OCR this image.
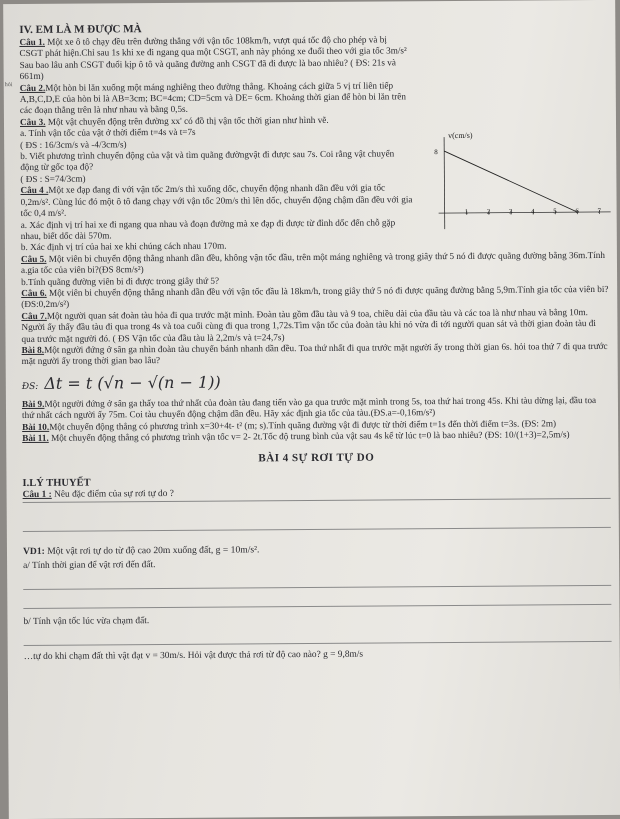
hỏi
IV. EM LÀ M ĐƯỢC MÀ

Câu 1. Một xe ô tô chạy đều trên đường thẳng với vận tốc 108km/h, vượt quá tốc độ cho phép và bị CSGT phát hiện.Chỉ sau 1s khi xe đi ngang qua một CSGT, anh này phóng xe đuổi theo với gia tốc 3m/s² Sau bao lâu anh CSGT đuổi kịp ô tô và quãng đường anh CSGT đã đi được là bao nhiêu? ( ĐS: 21s và 661m)

Câu 2.Một hòn bi lăn xuống một máng nghiêng theo đường thẳng. Khoảng cách giữa 5 vị trí liên tiếp A,B,C,D,E của hòn bi là AB=3cm; BC=4cm; CD=5cm và DE= 6cm. Khoảng thời gian để hòn bi lăn trên các đoạn thẳng trên là như nhau và bằng 0,5s.

Câu 3. Một vật chuyển động trên đường xx' có đồ thị vận tốc thời gian như hình vẽ.

a. Tính vận tốc của vật ở thời điểm t=4s và t=7s

( ĐS : 16/3cm/s và -4/3cm/s)

b. Viết phương trình chuyển động của vật và tìm quãng đườngvật đi được sau 7s. Coi rằng vật chuyển động từ gốc tọa độ?

( ĐS : S=74/3cm)

Câu 4 .Một xe đạp đang đi với vận tốc 2m/s thì xuống dốc, chuyển động nhanh dần đều với gia tốc 0,2m/s². Cùng lúc đó một ô tô đang chạy với vận tốc 20m/s thì lên dốc, chuyển động chậm dần đều với gia tốc 0,4 m/s².

a. Xác định vị trí hai xe đi ngang qua nhau và đoạn đường mà xe đạp đi được từ đỉnh dốc đến chỗ gặp nhau, biết dốc dài 570m.

b. Xác định vị trí của hai xe khi chúng cách nhau 170m.

Câu 5. Một viên bi chuyển động thẳng nhanh dần đều, không vận tốc đầu, trên một máng nghiêng và trong giây thứ 5 nó đi được quãng đường bằng 36m.Tính

a.gia tốc của viên bi?(ĐS 8cm/s²)

b.Tính quãng đường viên bi đi được trong giây thứ 5?

Câu 6. Một viên bi chuyển động thẳng nhanh dần đều với vận tốc đầu là 18km/h, trong giây thứ 5 nó đi được quãng đường bằng 5,9m.Tính gia tốc của viên bi? (ĐS:0,2m/s²)

Câu 7.Một người quan sát đoàn tàu hỏa đi qua trước mặt mình. Đoàn tàu gồm đầu tàu và 9 toa, chiều dài của đầu tàu và các toa là như nhau và bằng 10m. Người ấy thấy đầu tàu đi qua trong 4s và toa cuối cùng đi qua trong 1,72s.Tìm vận tốc của đoàn tàu khi nó vừa đi tới người quan sát và thời gian đoàn tàu đi qua trước mặt người đó. ( ĐS Vận tốc của đầu tàu là 2,2m/s và t=24,7s)

Bài 8.Một người đứng ở sân ga nhìn đoàn tàu chuyển bánh nhanh dần đều. Toa thứ nhất đi qua trước mặt người ấy trong thời gian 6s. hỏi toa thứ 7 đi qua trước mặt người ấy trong thời gian bao lâu?

ĐS: Δt = t (√n − √(n − 1))

Bài 9.Một người đứng ở sân ga thấy toa thứ nhất của đoàn tàu đang tiến vào ga qua trước mặt mình trong 5s, toa thứ hai trong 45s. Khi tàu dừng lại, đầu toa thứ nhất cách người ấy 75m. Coi tàu chuyển động chậm dần đều. Hãy xác định gia tốc của tàu.(ĐS.a=-0,16m/s²)

Bài 10.Một chuyển động thẳng có phương trình x=30+4t- t² (m; s).Tính quãng đường vật đi được từ thời điểm t=1s đến thời điểm t=3s. (ĐS: 2m)

Bài 11. Một chuyển động thẳng có phương trình vận tốc v= 2- 2t.Tốc độ trung bình của vật sau 4s kể từ lúc t=0 là bao nhiêu? (ĐS: 10/(1+3)=2,5m/s)

BÀI 4 SỰ RƠI TỰ DO
I.LÝ THUYẾT
Câu 1 : Nêu đặc điểm của sự rơi tự do ?
VD1: Một vật rơi tự do từ độ cao 20m xuống đất, g = 10m/s².
a/ Tính thời gian để vật rơi đến đất.
b/ Tính vận tốc lúc vừa chạm đất.
…tự do khi chạm đất thì vật đạt v = 30m/s. Hỏi vật được thả rơi từ độ cao nào? g = 9,8m/s
v(cm/s)
1	2	3	4	5	6	7
8
